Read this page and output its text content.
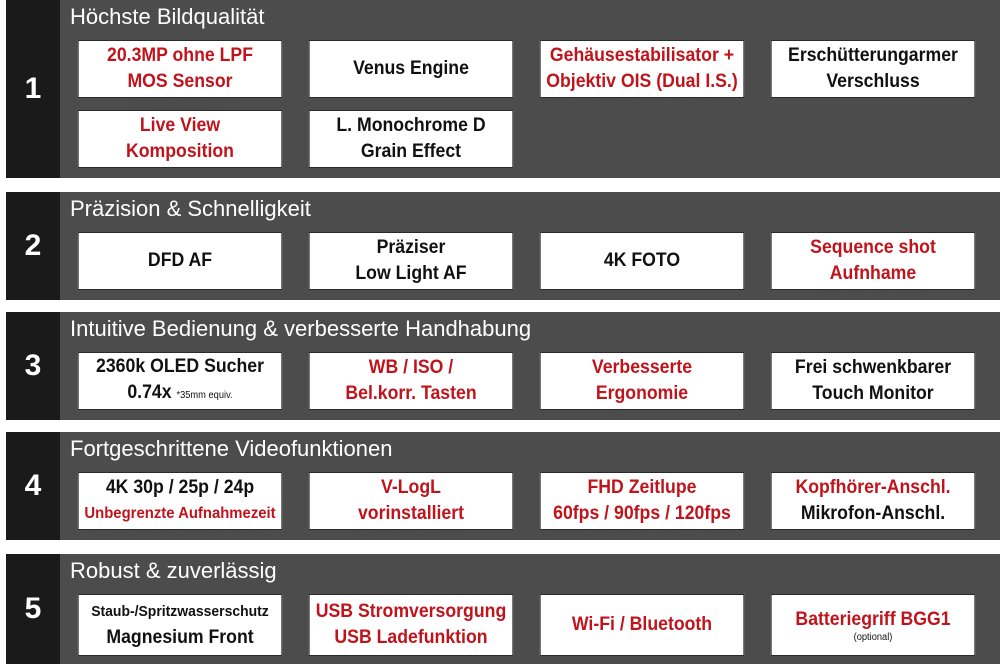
1
Höchste Bildqualität
20.3MP ohne LPF
MOS Sensor
Venus Engine
Gehäusestabilisator +
Objektiv OIS (Dual I.S.)
Erschütterungarmer
Verschluss
Live View
Komposition
L. Monochrome D
Grain Effect
2
Präzision & Schnelligkeit
DFD AF
Präziser
Low Light AF
4K FOTO
Sequence shot
Aufnhame
3
Intuitive Bedienung & verbesserte Handhabung
2360k OLED Sucher
0.74x *35mm equiv.
WB / ISO /
Bel.korr. Tasten
Verbesserte
Ergonomie
Frei schwenkbarer
Touch Monitor
4
Fortgeschrittene Videofunktionen
4K 30p / 25p / 24p
Unbegrenzte Aufnahmezeit
V-LogL
vorinstalliert
FHD Zeitlupe
60fps / 90fps / 120fps
Kopfhörer-Anschl.
Mikrofon-Anschl.
5
Robust & zuverlässig
Staub-/Spritzwasserschutz
Magnesium Front
USB Stromversorgung
USB Ladefunktion
Wi-Fi / Bluetooth	Batteriegriff BGG1
(optional)
